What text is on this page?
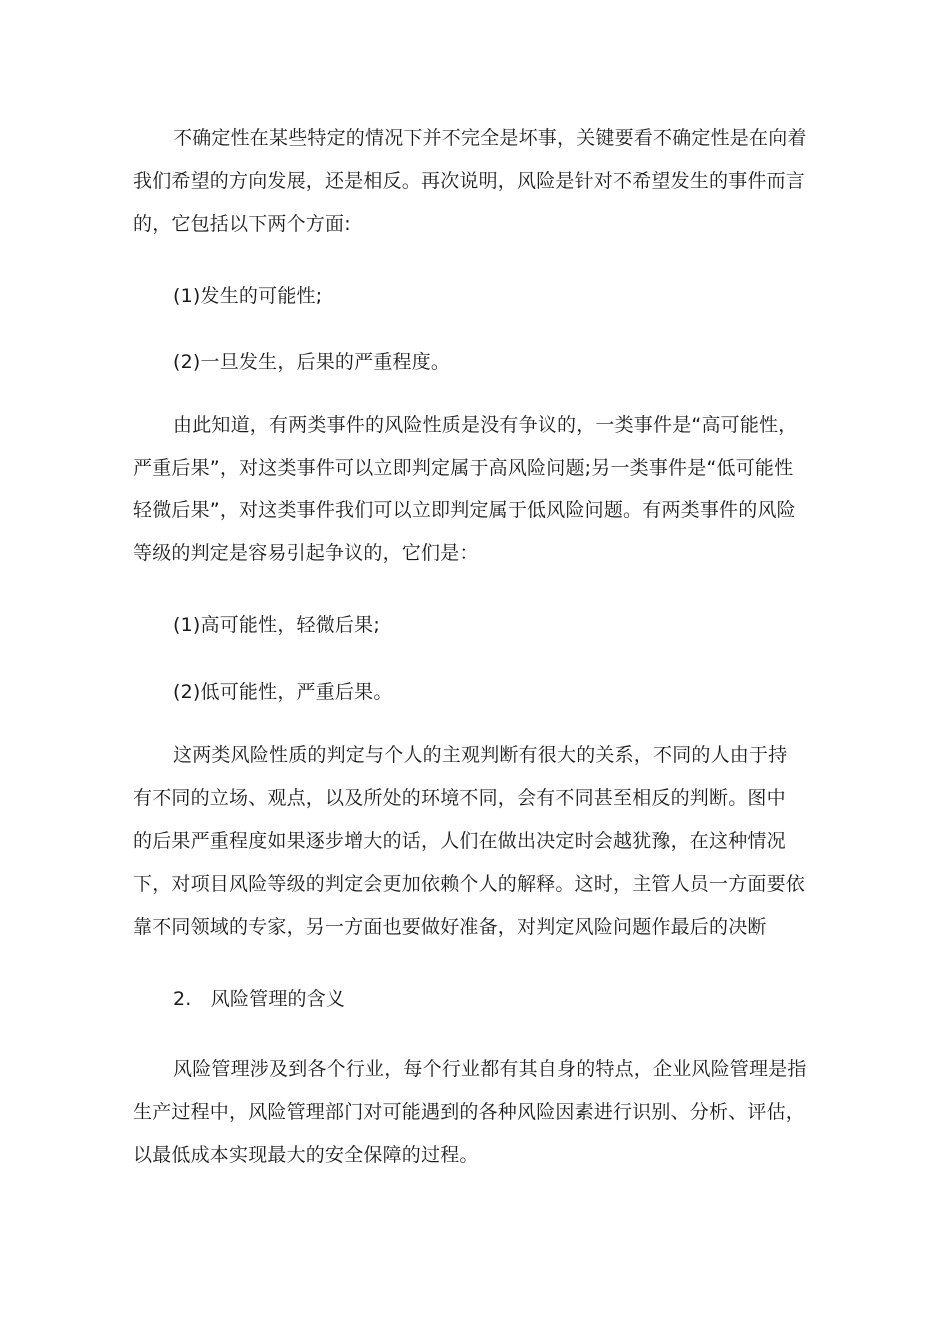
不确定性在某些特定的情况下并不完全是坏事，关键要看不确定性是在向着
我们希望的方向发展，还是相反。再次说明，风险是针对不希望发生的事件而言
的，它包括以下两个方面:
(1)发生的可能性;
(2)一旦发生，后果的严重程度。
由此知道，有两类事件的风险性质是没有争议的，一类事件是“高可能性，
严重后果”，对这类事件可以立即判定属于高风险问题;另一类事件是“低可能性
轻微后果”，对这类事件我们可以立即判定属于低风险问题。有两类事件的风险
等级的判定是容易引起争议的，它们是：
(1)高可能性，轻微后果;
(2)低可能性，严重后果。
这两类风险性质的判定与个人的主观判断有很大的关系，不同的人由于持
有不同的立场、观点，以及所处的环境不同，会有不同甚至相反的判断。图中
的后果严重程度如果逐步增大的话，人们在做出决定时会越犹豫，在这种情况
下，对项目风险等级的判定会更加依赖个人的解释。这时，主管人员一方面要依
靠不同领域的专家，另一方面也要做好准备，对判定风险问题作最后的决断
2.　风险管理的含义
风险管理涉及到各个行业，每个行业都有其自身的特点，企业风险管理是指
生产过程中，风险管理部门对可能遇到的各种风险因素进行识别、分析、评估，
以最低成本实现最大的安全保障的过程。
